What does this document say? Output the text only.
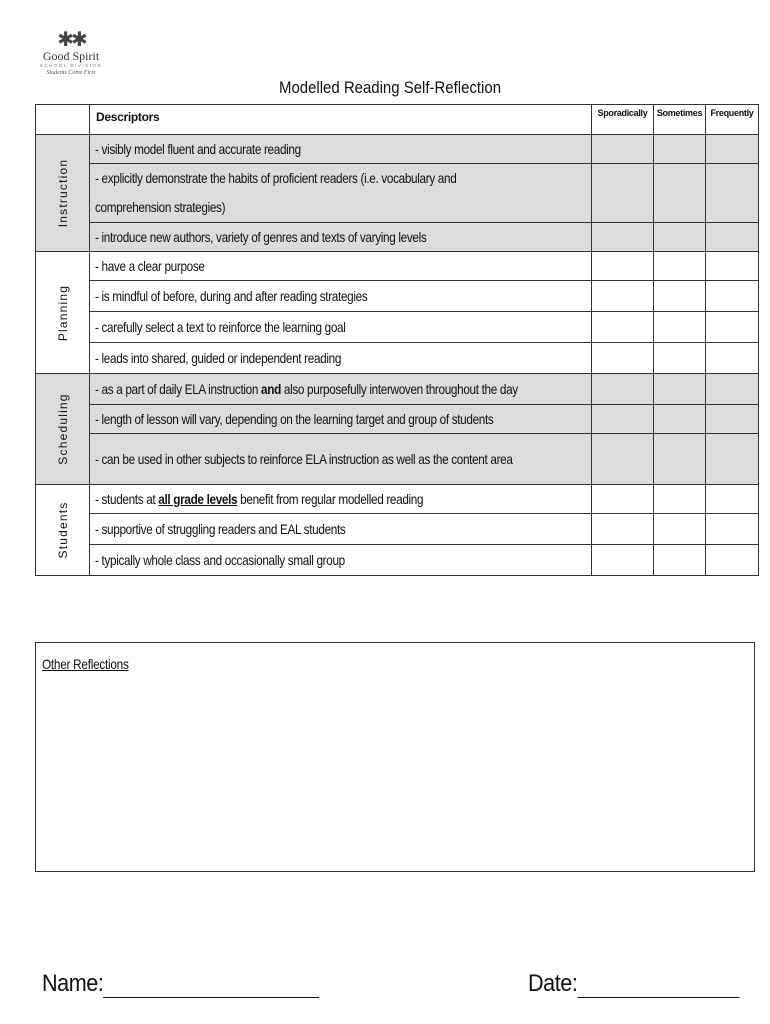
✱✱
Good Spirit
SCHOOL DIVISION
Students Come First
Modelled Reading Self-Reflection
	Descriptors	Sporadically	Sometimes	Frequently

Instruction	- visibly model fluent and accurate reading			

	- explicitly demonstrate the habits of proficient readers (i.e. vocabulary and
comprehension strategies)			

	- introduce new authors, variety of genres and texts of varying levels			

Planning	- have a clear purpose			

	- is mindful of before, during and after reading strategies			

	- carefully select a text to reinforce the learning goal			

	- leads into shared, guided or independent reading			

Scheduling	- as a part of daily ELA instruction and also purposefully interwoven throughout the day			

	- length of lesson will vary, depending on the learning target and group of students			

	- can be used in other subjects to reinforce ELA instruction as well as the content area			

Students	- students at all grade levels benefit from regular modelled reading			

	- supportive of struggling readers and EAL students			

	- typically whole class and occasionally small group			

Other Reflections
Name:	Date:
